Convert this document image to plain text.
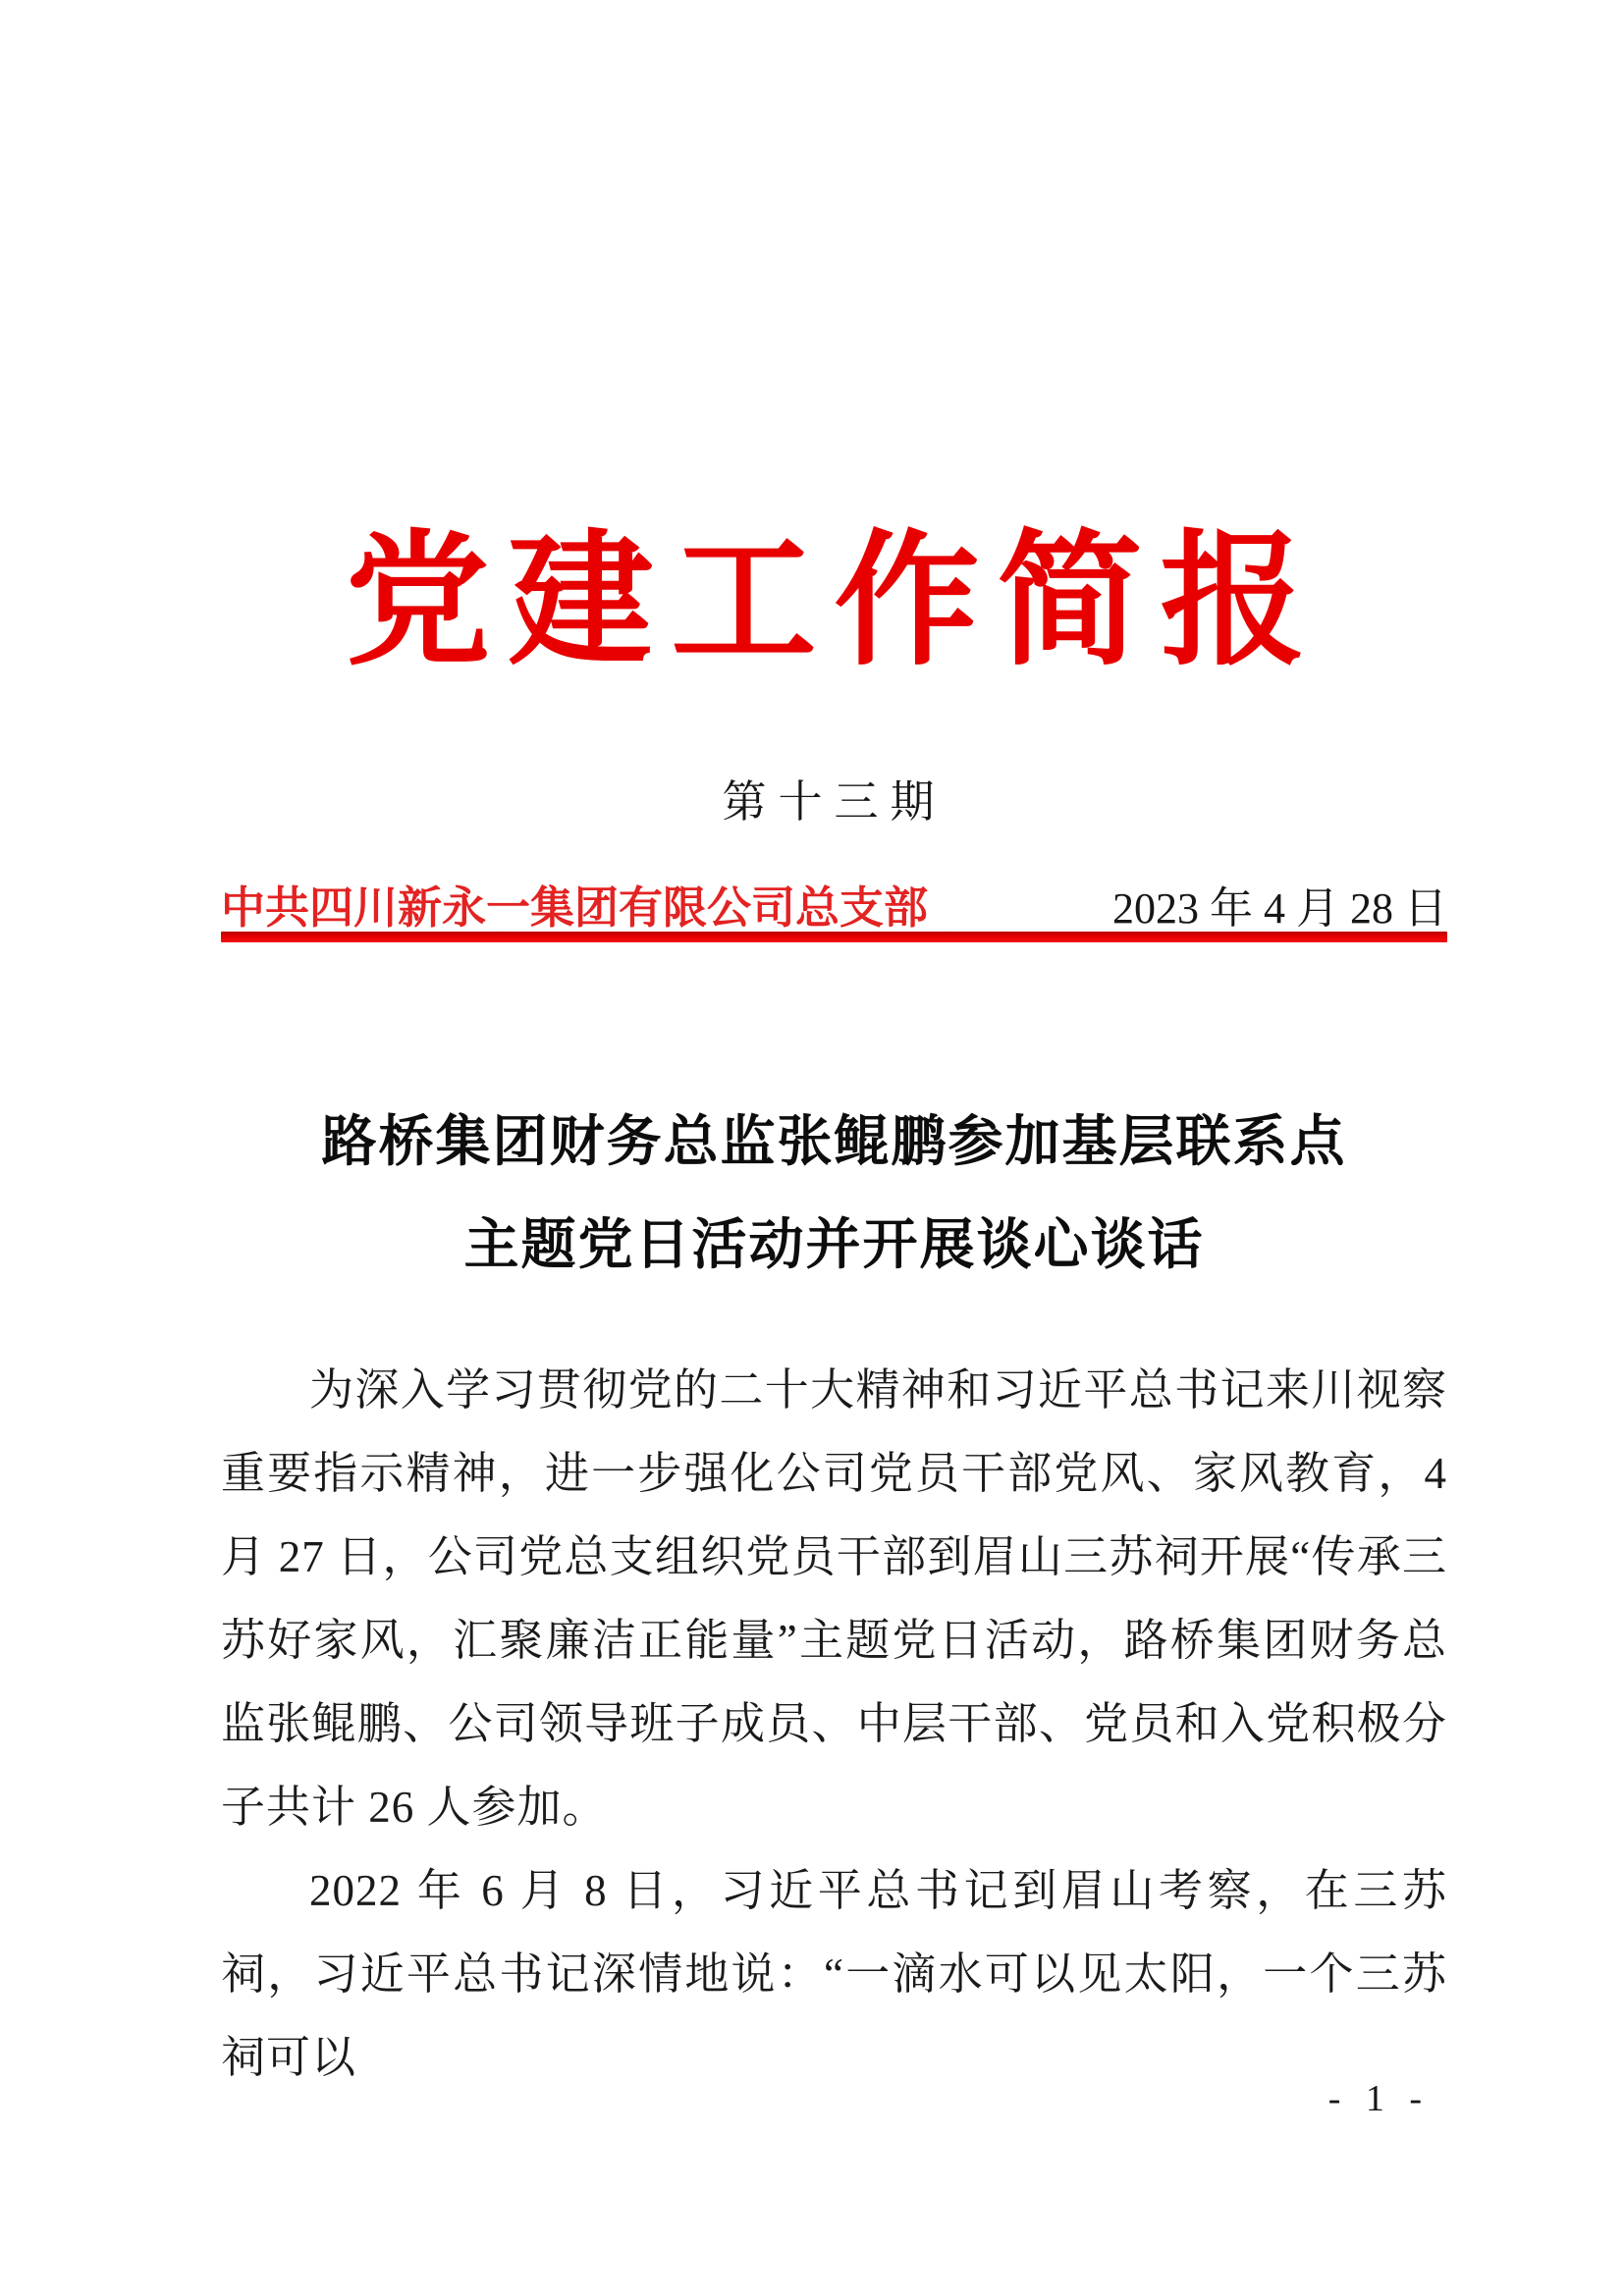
党建工作简报
第十三期
中共四川新永一集团有限公司总支部	2023 年 4 月 28 日
路桥集团财务总监张鲲鹏参加基层联系点
主题党日活动并开展谈心谈话

为深入学习贯彻党的二十大精神和习近平总书记来川视察重要指示精神，进一步强化公司党员干部党风、家风教育，4 月 27 日，公司党总支组织党员干部到眉山三苏祠开展“传承三苏好家风，汇聚廉洁正能量”主题党日活动，路桥集团财务总监张鲲鹏、公司领导班子成员、中层干部、党员和入党积极分子共计 26 人参加。

2022 年 6 月 8 日，习近平总书记到眉山考察，在三苏祠，习近平总书记深情地说：“一滴水可以见太阳，一个三苏祠可以

- 1 -
